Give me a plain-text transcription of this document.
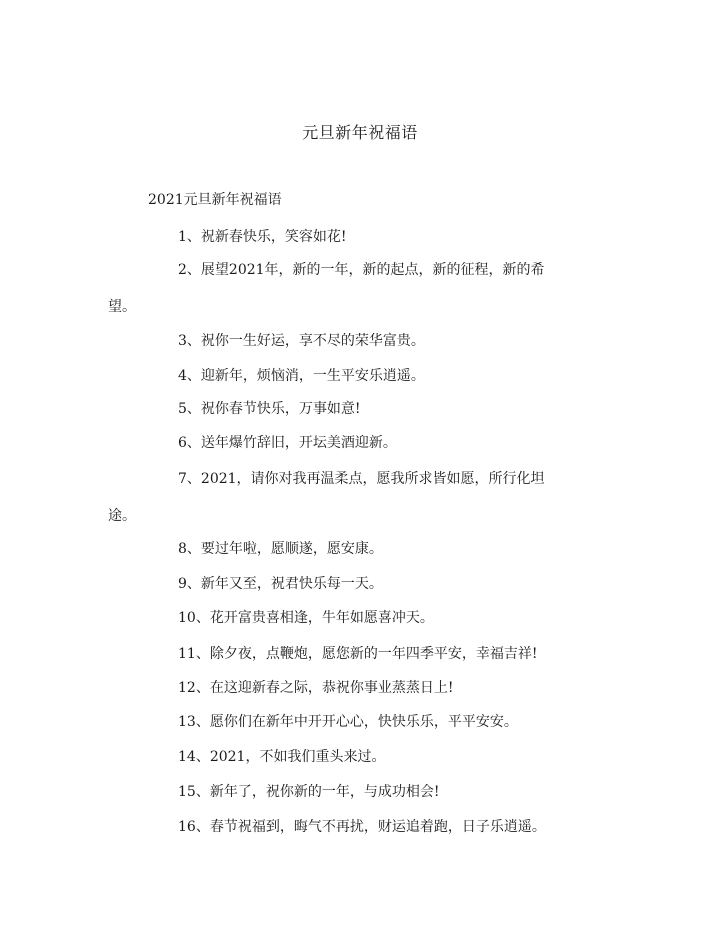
元旦新年祝福语
2021元旦新年祝福语
1、祝新春快乐，笑容如花!
2、展望2021年，新的一年，新的起点，新的征程，新的希
望。
3、祝你一生好运，享不尽的荣华富贵。
4、迎新年，烦恼消，一生平安乐逍遥。
5、祝你春节快乐，万事如意!
6、送年爆竹辞旧，开坛美酒迎新。
7、2021，请你对我再温柔点，愿我所求皆如愿，所行化坦
途。
8、要过年啦，愿顺遂，愿安康。
9、新年又至，祝君快乐每一天。
10、花开富贵喜相逢，牛年如愿喜冲天。
11、除夕夜，点鞭炮，愿您新的一年四季平安，幸福吉祥!
12、在这迎新春之际，恭祝你事业蒸蒸日上!
13、愿你们在新年中开开心心，快快乐乐，平平安安。
14、2021，不如我们重头来过。
15、新年了，祝你新的一年，与成功相会!
16、春节祝福到，晦气不再扰，财运追着跑，日子乐逍遥。
